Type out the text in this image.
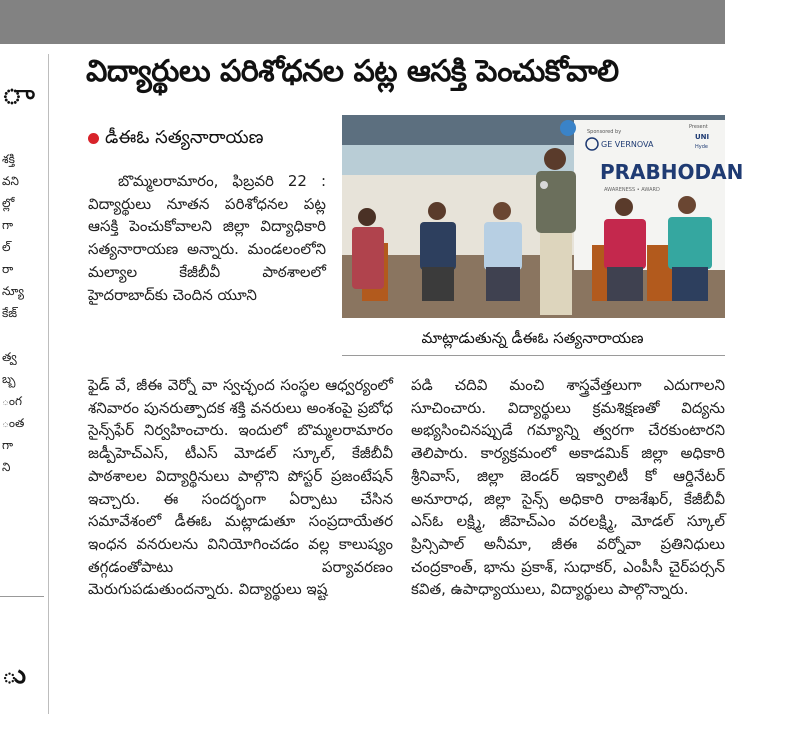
ு
శక్తి
వని
ల్లో
గా
ల్
రా
న్యూ
కేజ్

త్వ
బ్బ
ంగ
ంత
గా
ని
ు
విద్యార్థులు పరిశోధనల పట్ల ఆసక్తి పెంచుకోవాలి
డీఈఓ సత్యనారాయణ

బొమ్మలరామారం, ఫిబ్రవరి 22 : విద్యార్థులు నూతన పరిశోధనల పట్ల ఆసక్తి పెంచుకోవాలని జిల్లా విద్యాధికారి సత్యనారాయణ అన్నారు. మండలంలోని మల్యాల కేజీబీవీ పాఠశాలలో హైదరాబాద్‌కు చెందిన యూని

ఫైడ్ వే, జీఈ వెర్నో వా స్వచ్ఛంద సంస్థల ఆధ్వర్యంలో శనివారం పునరుత్పాదక శక్తి వనరులు అంశంపై ప్రబోధ సైన్స్‌ఫేర్ నిర్వహించారు. ఇందులో బొమ్మలరామారం జడ్పీహెచ్‌ఎస్, టీఎస్ మోడల్ స్కూల్, కేజీబీవీ పాఠశాలల విద్యార్థినులు పాల్గొని పోస్టర్ ప్రజంటేషన్ ఇచ్చారు. ఈ సందర్భంగా ఏర్పాటు చేసిన సమావేశంలో డీఈఓ మట్లాడుతూ సంప్రదాయేతర ఇంధన వనరులను వినియోగించడం వల్ల కాలుష్యం తగ్గడంతోపాటు పర్యావరణం మెరుగుపడుతుందన్నారు. విద్యార్థులు ఇష్ట

పడి చదివి మంచి శాస్త్రవేత్తలుగా ఎదుగాలని సూచించారు. విద్యార్థులు క్రమశిక్షణతో విద్యను అభ్యసించినప్పుడే గమ్యాన్ని త్వరగా చేరకుంటారని తెలిపారు. కార్యక్రమంలో అకాడమిక్ జిల్లా అధికారి శ్రీనివాస్, జిల్లా జెండర్ ఇక్వాలిటీ కో ఆర్డినేటర్ అనూరాధ, జిల్లా సైన్స్ అధికారి రాజశేఖర్, కేజీబీవీ ఎస్ఓ లక్ష్మి, జీహెచ్ఎం వరలక్ష్మి, మోడల్ స్కూల్ ప్రిన్సిపాల్ అనీమా, జీఈ వర్నోవా ప్రతినిధులు చంద్రకాంత్, భాను ప్రకాశ్, సుధాకర్, ఎంపీసీ చైర్‌పర్సన్ కవిత, ఉపాధ్యాయులు, విద్యార్థులు పాల్గొన్నారు.

Sponsored by
GE VERNOVA
Present
UNI
Hyde
PRABHODAN
AWARENESS • AWARD
మాట్లాడుతున్న డీఈఓ సత్యనారాయణ
